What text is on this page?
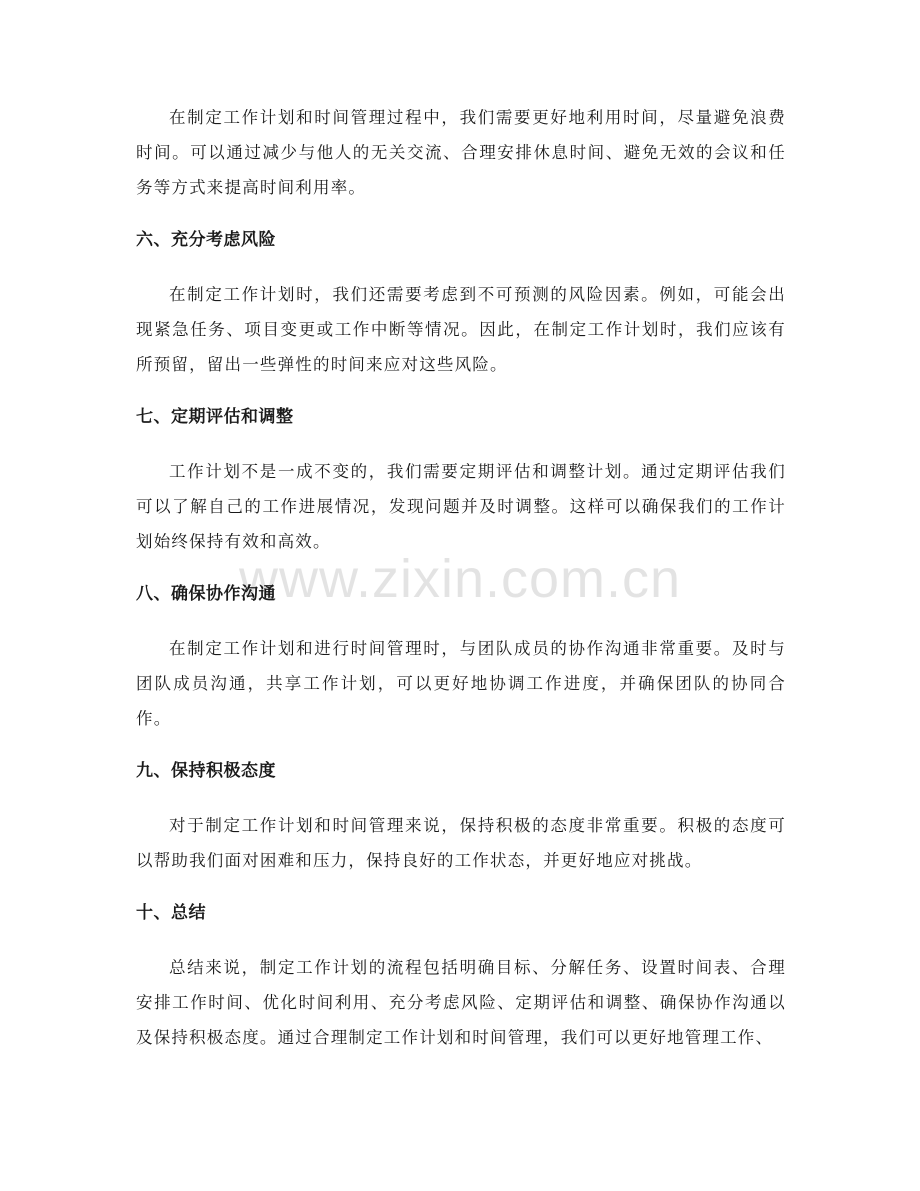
在制定工作计划和时间管理过程中，我们需要更好地利用时间，尽量避免浪费时间。可以通过减少与他人的无关交流、合理安排休息时间、避免无效的会议和任务等方式来提高时间利用率。

六、充分考虑风险

在制定工作计划时，我们还需要考虑到不可预测的风险因素。例如，可能会出现紧急任务、项目变更或工作中断等情况。因此，在制定工作计划时，我们应该有所预留，留出一些弹性的时间来应对这些风险。

七、定期评估和调整

工作计划不是一成不变的，我们需要定期评估和调整计划。通过定期评估我们可以了解自己的工作进展情况，发现问题并及时调整。这样可以确保我们的工作计划始终保持有效和高效。

八、确保协作沟通

在制定工作计划和进行时间管理时，与团队成员的协作沟通非常重要。及时与团队成员沟通，共享工作计划，可以更好地协调工作进度，并确保团队的协同合作。

九、保持积极态度

对于制定工作计划和时间管理来说，保持积极的态度非常重要。积极的态度可以帮助我们面对困难和压力，保持良好的工作状态，并更好地应对挑战。

十、总结

总结来说，制定工作计划的流程包括明确目标、分解任务、设置时间表、合理安排工作时间、优化时间利用、充分考虑风险、定期评估和调整、确保协作沟通以及保持积极态度。通过合理制定工作计划和时间管理，我们可以更好地管理工作、

www.zixin.com.cn
